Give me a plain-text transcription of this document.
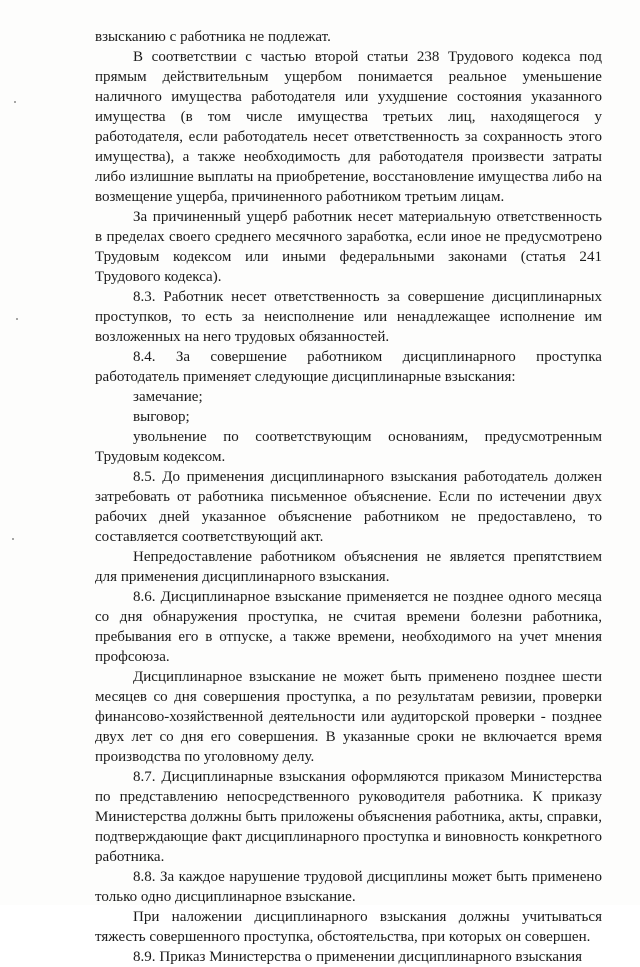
взысканию с работника не подлежат.

В соответствии с частью второй статьи 238 Трудового кодекса под прямым действительным ущербом понимается реальное уменьшение наличного имущества работодателя или ухудшение состояния указанного имущества (в том числе имущества третьих лиц, находящегося у работодателя, если работодатель несет ответственность за сохранность этого имущества), а также необходимость для работодателя произвести затраты либо излишние выплаты на приобретение, восстановление имущества либо на возмещение ущерба, причиненного работником третьим лицам.

За причиненный ущерб работник несет материальную ответственность в пределах своего среднего месячного заработка, если иное не предусмотрено Трудовым кодексом или иными федеральными законами (статья 241 Трудового кодекса).

8.3. Работник несет ответственность за совершение дисциплинарных проступков, то есть за неисполнение или ненадлежащее исполнение им возложенных на него трудовых обязанностей.

8.4. За совершение работником дисциплинарного проступка работодатель применяет следующие дисциплинарные взыскания:

замечание;

выговор;

увольнение по соответствующим основаниям, предусмотренным Трудовым кодексом.

8.5. До применения дисциплинарного взыскания работодатель должен затребовать от работника письменное объяснение. Если по истечении двух рабочих дней указанное объяснение работником не предоставлено, то составляется соответствующий акт.

Непредоставление работником объяснения не является препятствием для применения дисциплинарного взыскания.

8.6. Дисциплинарное взыскание применяется не позднее одного месяца со дня обнаружения проступка, не считая времени болезни работника, пребывания его в отпуске, а также времени, необходимого на учет мнения профсоюза.

Дисциплинарное взыскание не может быть применено позднее шести месяцев со дня совершения проступка, а по результатам ревизии, проверки финансово-хозяйственной деятельности или аудиторской проверки - позднее двух лет со дня его совершения. В указанные сроки не включается время производства по уголовному делу.

8.7. Дисциплинарные взыскания оформляются приказом Министерства по представлению непосредственного руководителя работника. К приказу Министерства должны быть приложены объяснения работника, акты, справки, подтверждающие факт дисциплинарного проступка и виновность конкретного работника.

8.8. За каждое нарушение трудовой дисциплины может быть применено только одно дисциплинарное взыскание.

При наложении дисциплинарного взыскания должны учитываться тяжесть совершенного проступка, обстоятельства, при которых он совершен.

8.9. Приказ Министерства о применении дисциплинарного взыскания
